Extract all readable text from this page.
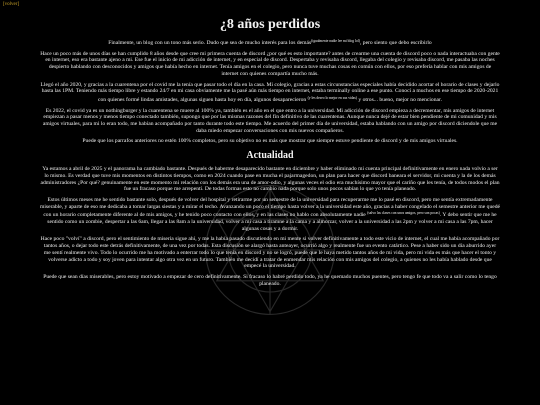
[volver]
¿8 años perdidos

Finalmente, un blog con un tono más serio. Dudo que sea de mucho interés para los demás$^{(igualmente nadie lee mi blog lol)}$, pero siento que debo escribirlo

Hace un poco más de unos días se han cumplido 8 años desde que cree mi primera cuenta de discord ¿por qué es esto importante? antes de crearme una cuenta de discord poco o nada interactuaba con gente en internet, eso era bastante ajeno a mi. Ese fue el inicio de mi adicción de internet, y en especial de discord. Despertaba y revisaba discord, llegaba del colegio y revisaba discord, me pasaba las noches despierto hablando con desconocidos y amigos que había hecho en internet. Tenía amigos en el colegio, pero nunca tuve muchas cosas en común con ellos, por eso prefería hablar con mis amigos de internet con quienes compartía mucho más.

Llegó el año 2020, y gracias a la cuarentena por el covid me la tenía que pasar todo el día en la casa. Mi colegio, gracias a estas circunstancias especiales había decidido acortar el horario de clases y dejarlo hasta las 1PM. Teniendo más tiempo libre y estando 24/7 en mi casa obviamente me la pasé aún más tiempo en internet, estaba terminally online a ese punto. Conocí a muchos en ese tiempo de 2020-2021 con quienes formé lindas amistades, algunas siguen hasta hoy en día, algunos desaparecieron $^{(y les deseo lo mejor en sus vidas)}$ y otros... bueno, mejor no mencionar.

Es 2022, el covid ya es un nothingburger y la cuarentena se muere al 100% ya, también es el año en el que entro a la universidad. Mi adicción de discord empieza a decrementar, mis amigos de internet empiezan a pasar menos y menos tiempo conectado también, supongo que por las mismas razones del fin definitivo de las cuarentenas. Aunque nunca dejé de estar bien pendiente de mi comunidad y mis amigos virtuales, para mi lo eran todo, me habían acompañado por tanto durante todo este tiempo. Me acuerdo del primer día de universidad, estaba hablando con un amigo por discord diciendole que me daba miedo empezar conversaciones con mis nuevos compañeros.

Puede que los parrafos anteriores no estén 100% completos, pero su objetivo no es más que mostrar que siempre estuve pendiente de discord y de mis amigos virtuales.

Actualidad

Ya estamos a abril de 2025 y el panorama ha cambiado bastante. Después de haberme desaparecido bastante en diciembre y haber eliminado mi cuenta principal definitivamente en enero nada volvio a ser lo mismo. Es verdad que tuve mis momentos en distintos tiempos, como en 2024 cuando pase en mucha el pajarmagedon, un plan para hacer que discord baneara el servidor, mi cuenta y la de los demás administradores ¿Por qué? genuinamente en este momento mi relación con los demás era una de amor-odio, y algunas veces el odio era muchísimo mayor que el cariño que les tenía, de todos modos el plan fue un fracaso porque me arrepentí. De todas formas esto no cambio nada porque solo unos pocos sabían lo que yo tenía planeado.

Estos últimos meses me he sentido bastante solo, después de volver del hospital y retirarme por un semestre de la universidad para recuperarme me lo pasé en discord, pero me sentía extremadamente miserable, y aparte de eso me dedicaba a tomar largas siestas y a mirar el techo. Avanzando un poco el tiempo hasta volver a la universidad este año, gracias a haber congelado el semestre anterior me quedé con un horario completamente diferente al de mis amigos, y he tenido poco contacto con ellos, y en las clases no hablo con absolutamente nadie $^{(salvo las clases con unos amigos, pero son pocas)}$. Y debo sentir que me he sentido como un zombie, despertar a las 6am, llegar a las 8am a la universidad, volver a mi casa a tiramne a la cama y a almorzar, volver a la universidad a las 2pm y volver a mi casa a las 7pm, hacer algunas cosas y a dormir.

Hace poco "volví" a discord, pero el sentimiento de miseria sigue ahí, y me la había pasado discutiendo en mi mente si volver definitivamente a todo este vicio de internet, el cual me había acompañado por tantos años, o dejar todo este detrás definitivamente, de una vez por todas. Esta discusión se alargó hasta anteayer, ocurrió algo y realmente fue un evento catártico. Pese a haber sido un día aburrido ayer me sentí realmente vivo. Todo lo ocurrido me ha motivado a enterrar todo lo que tenía en discord y no se logró, puede que le haya metido tantos años de mi vida, pero mi vida es más que hacer el tonto y volverse adicto a todo y soy joven para intentar algo otra vez en un futuro. También me decidí a tratar de enmendar mis relación con mis amigos del colegio, a quienes no les había hablado desde que empecé la universidad.

Puede que sean días miserables, pero estoy motivado a empezar de cero definitivamente. Si fracaso lo habré perdido todo, ya he quemado muchos puentes, pero tengo fe que todo va a salir como lo tengo planeado.
